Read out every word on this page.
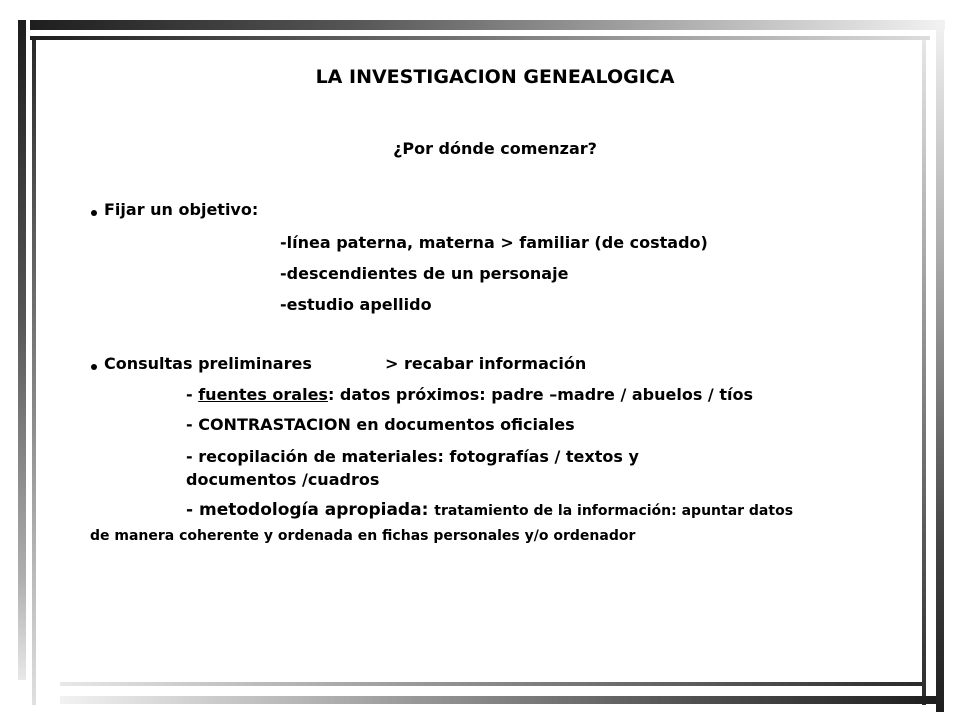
LA INVESTIGACION GENEALOGICA
¿Por dónde comenzar?
Fijar un objetivo:
-línea paterna, materna > familiar (de costado)
-descendientes de un personaje
-estudio apellido
Consultas preliminares	> recabar información
- fuentes orales: datos próximos: padre –madre / abuelos / tíos
- CONTRASTACION en documentos oficiales
- recopilación de materiales: fotografías / textos y
documentos /cuadros
- metodología apropiada: tratamiento de la información: apuntar datos
de manera coherente y ordenada en fichas personales y/o ordenador
